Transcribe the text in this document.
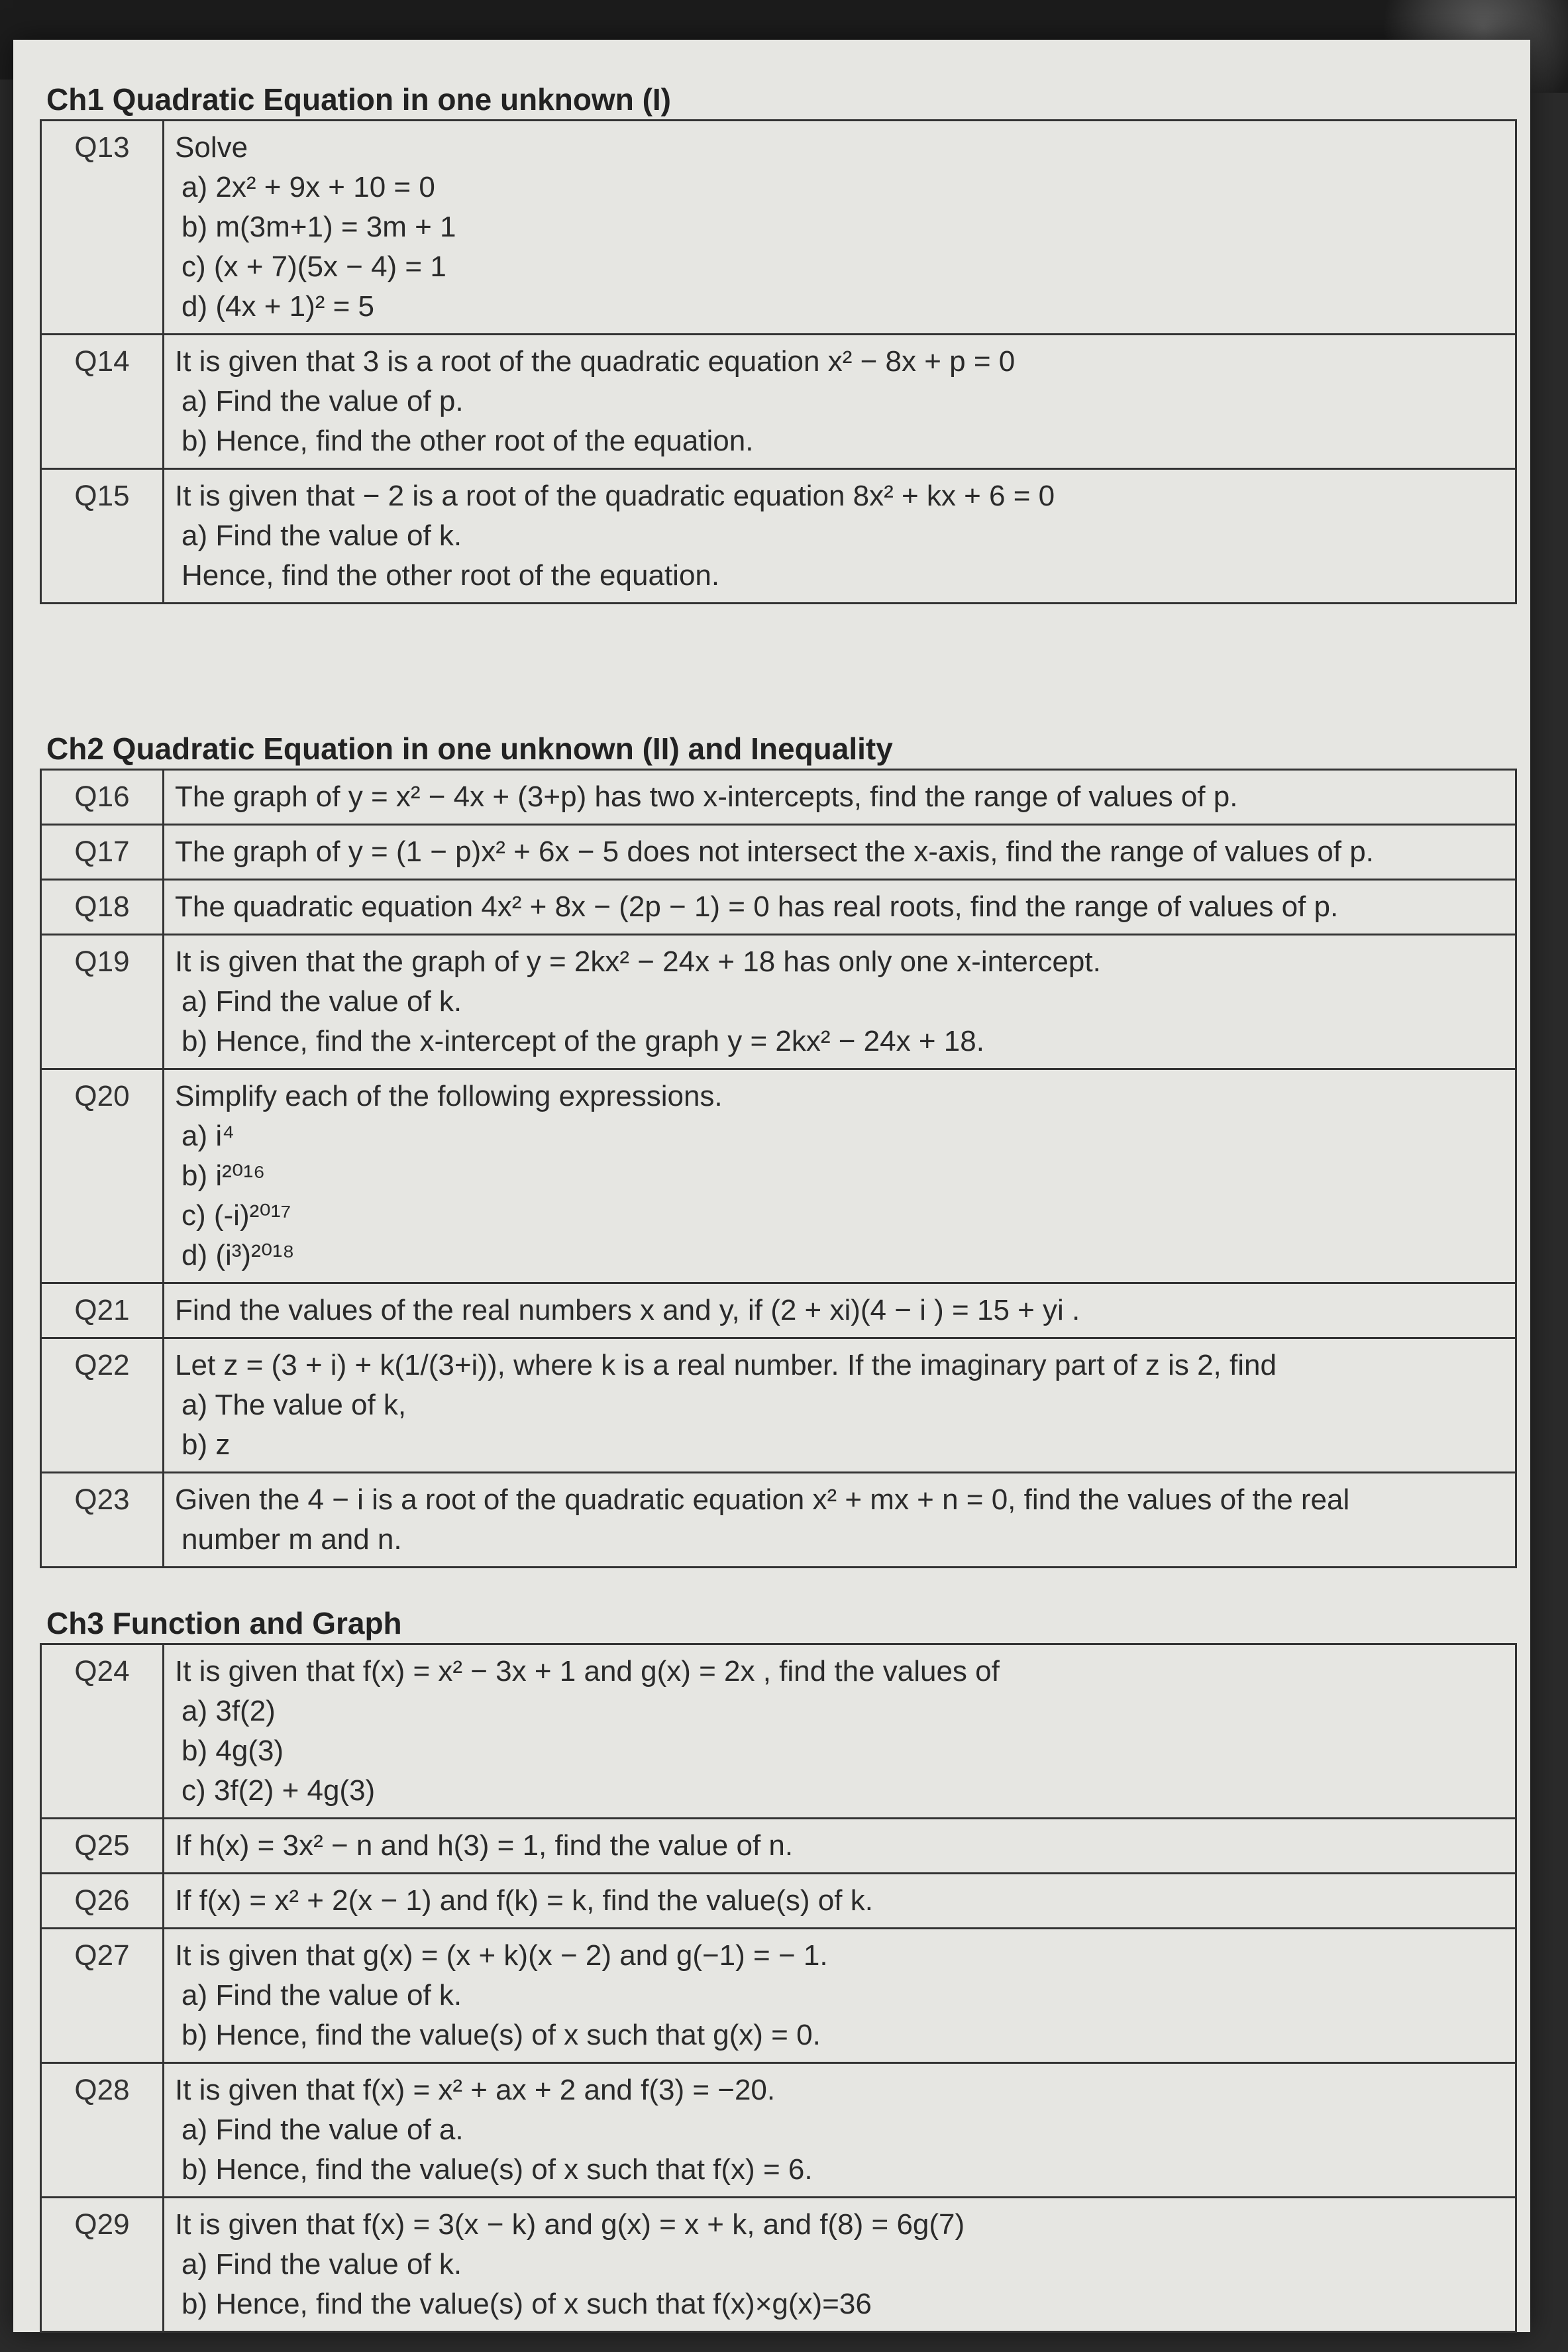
Ch1 Quadratic Equation in one unknown (I)
Q13	Solve
a) 2x² + 9x + 10 = 0
b) m(3m+1) = 3m + 1
c) (x + 7)(5x − 4) = 1
d) (4x + 1)² = 5

Q14	It is given that 3 is a root of the quadratic equation x² − 8x + p = 0
a) Find the value of p.
b) Hence, find the other root of the equation.

Q15	It is given that − 2 is a root of the quadratic equation 8x² + kx + 6 = 0
a) Find the value of k.
Hence, find the other root of the equation.
Ch2 Quadratic Equation in one unknown (II) and Inequality
Q16	The graph of y = x² − 4x + (3+p) has two x-intercepts, find the range of values of p.

Q17	The graph of y = (1 − p)x² + 6x − 5 does not intersect the x-axis, find the range of values of p.

Q18	The quadratic equation 4x² + 8x − (2p − 1) = 0 has real roots, find the range of values of p.

Q19	It is given that the graph of y = 2kx² − 24x + 18 has only one x-intercept.
a) Find the value of k.
b) Hence, find the x-intercept of the graph y = 2kx² − 24x + 18.

Q20	Simplify each of the following expressions.
a) i⁴
b) i²⁰¹⁶
c) (-i)²⁰¹⁷
d) (i³)²⁰¹⁸

Q21	Find the values of the real numbers x and y, if (2 + xi)(4 − i ) = 15 + yi .

Q22	Let z = (3 + i) + k(1/(3+i)), where k is a real number. If the imaginary part of z is 2, find
a) The value of k,
b) z

Q23	Given the 4 − i is a root of the quadratic equation x² + mx + n = 0, find the values of the real
number m and n.
Ch3 Function and Graph
Q24	It is given that f(x) = x² − 3x + 1 and g(x) = 2x , find the values of
a) 3f(2)
b) 4g(3)
c) 3f(2) + 4g(3)

Q25	If h(x) = 3x² − n and h(3) = 1, find the value of n.

Q26	If f(x) = x² + 2(x − 1) and f(k) = k, find the value(s) of k.

Q27	It is given that g(x) = (x + k)(x − 2) and g(−1) = − 1.
a) Find the value of k.
b) Hence, find the value(s) of x such that g(x) = 0.

Q28	It is given that f(x) = x² + ax + 2 and f(3) = −20.
a) Find the value of a.
b) Hence, find the value(s) of x such that f(x) = 6.

Q29	It is given that f(x) = 3(x − k) and g(x) = x + k, and f(8) = 6g(7)
a) Find the value of k.
b) Hence, find the value(s) of x such that f(x)×g(x)=36
